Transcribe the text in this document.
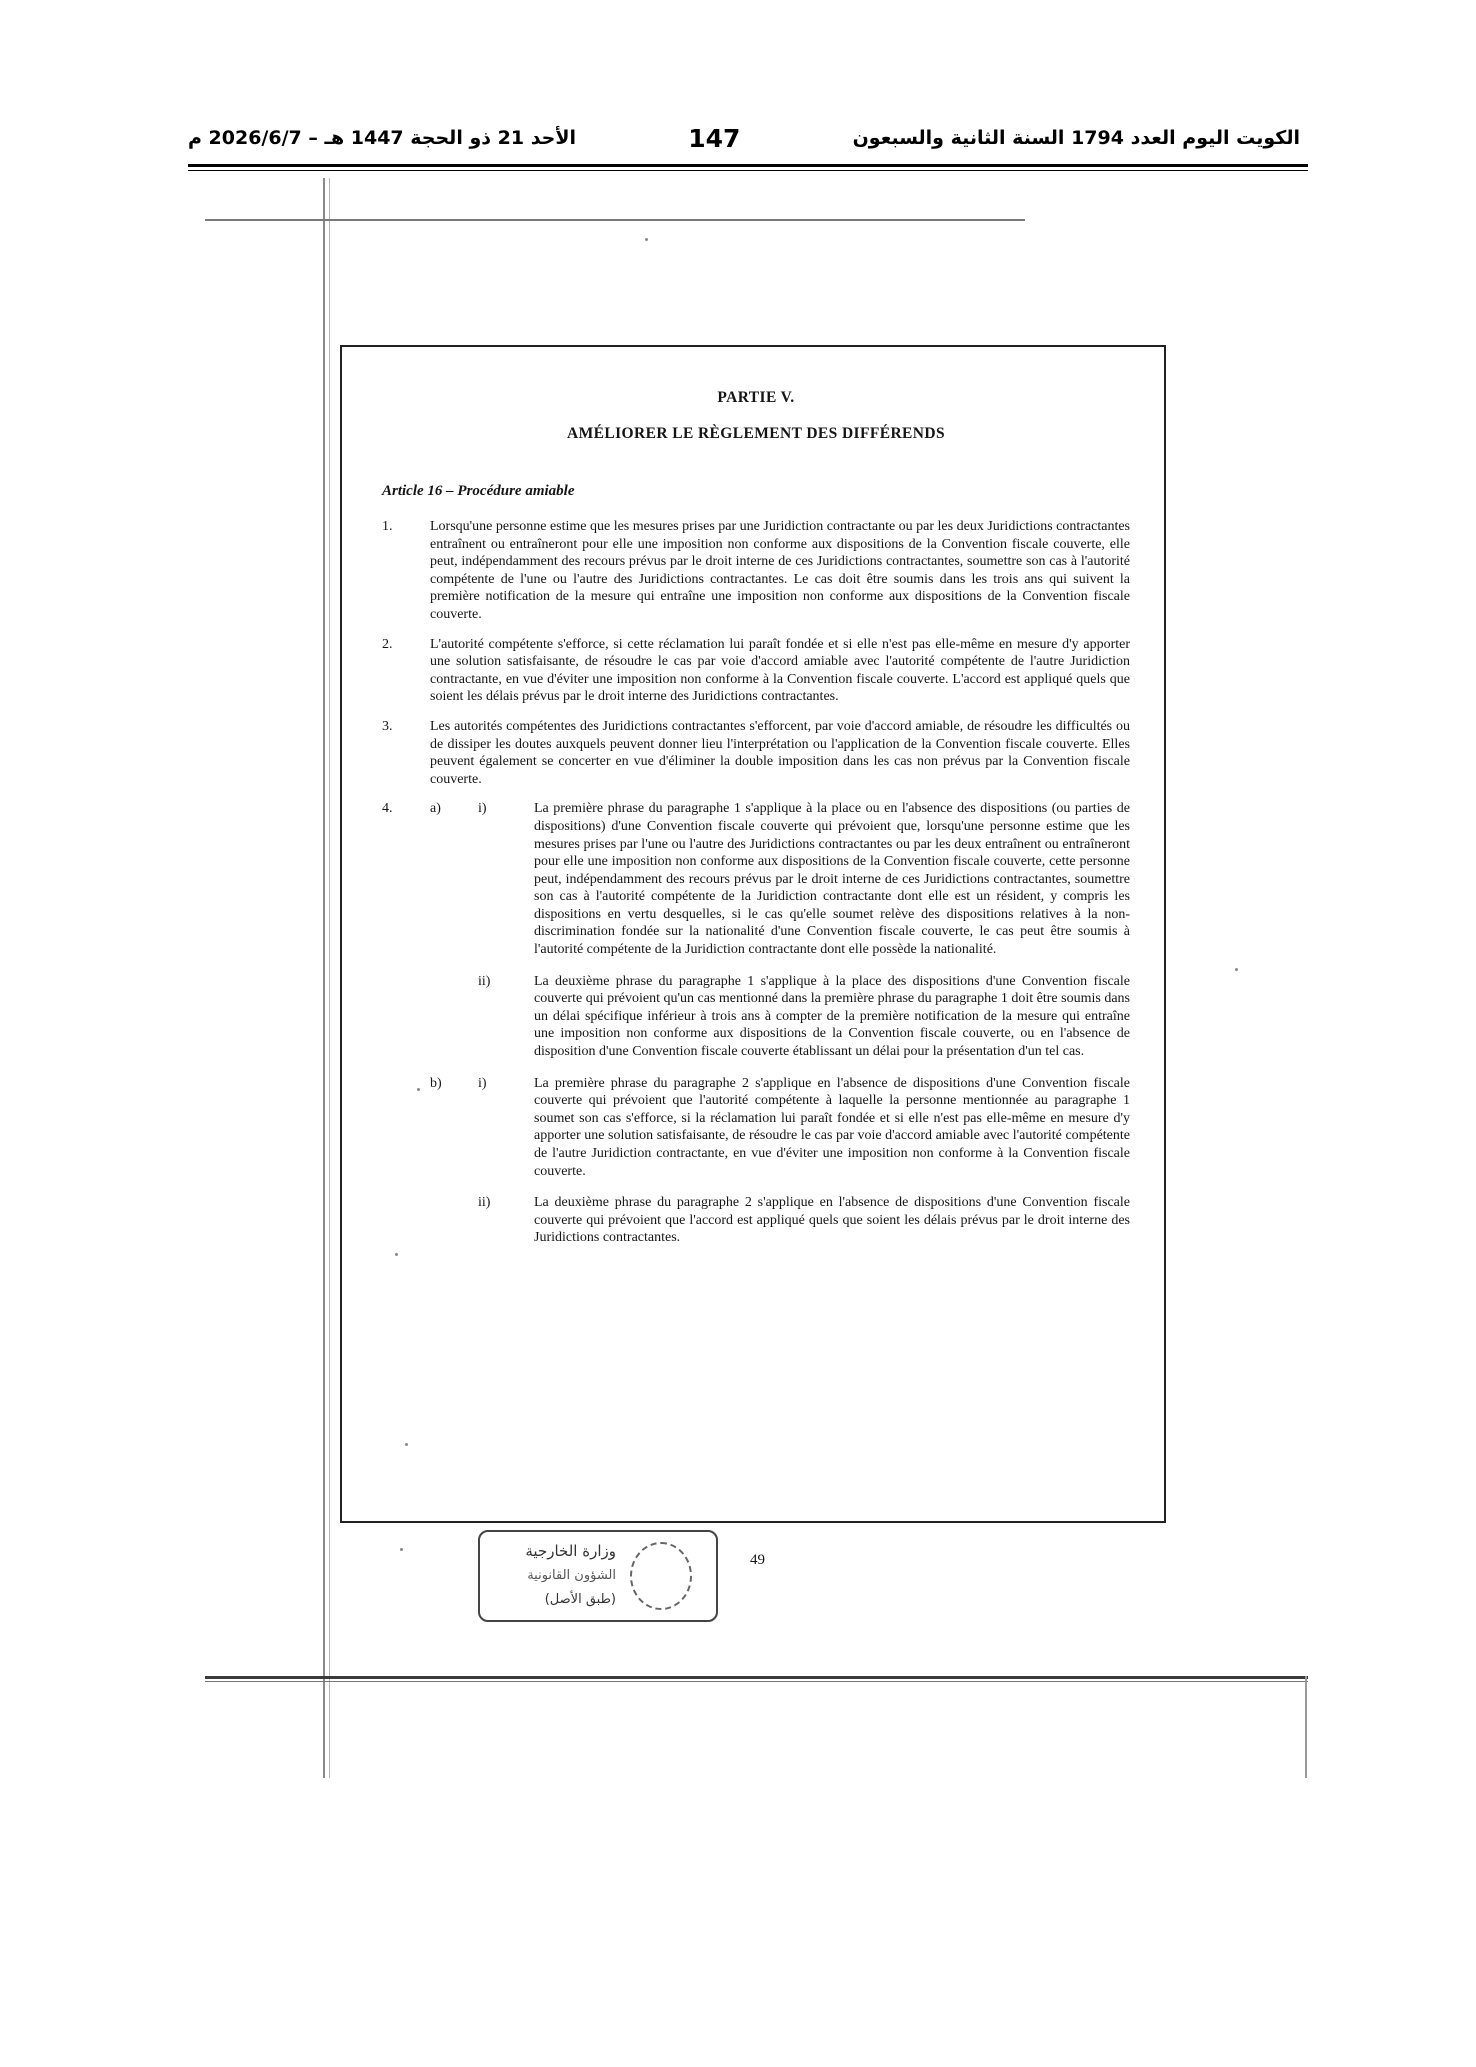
الأحد 21 ذو الحجة 1447 هـ – 2026/6/7 م	147	الكويت اليوم العدد 1794 السنة الثانية والسبعون
PARTIE V.
AMÉLIORER LE RÈGLEMENT DES DIFFÉRENDS
Article 16 – Procédure amiable
1.	Lorsqu'une personne estime que les mesures prises par une Juridiction contractante ou par les deux Juridictions contractantes entraînent ou entraîneront pour elle une imposition non conforme aux dispositions de la Convention fiscale couverte, elle peut, indépendamment des recours prévus par le droit interne de ces Juridictions contractantes, soumettre son cas à l'autorité compétente de l'une ou l'autre des Juridictions contractantes. Le cas doit être soumis dans les trois ans qui suivent la première notification de la mesure qui entraîne une imposition non conforme aux dispositions de la Convention fiscale couverte.
2.	L'autorité compétente s'efforce, si cette réclamation lui paraît fondée et si elle n'est pas elle-même en mesure d'y apporter une solution satisfaisante, de résoudre le cas par voie d'accord amiable avec l'autorité compétente de l'autre Juridiction contractante, en vue d'éviter une imposition non conforme à la Convention fiscale couverte. L'accord est appliqué quels que soient les délais prévus par le droit interne des Juridictions contractantes.
3.	Les autorités compétentes des Juridictions contractantes s'efforcent, par voie d'accord amiable, de résoudre les difficultés ou de dissiper les doutes auxquels peuvent donner lieu l'interprétation ou l'application de la Convention fiscale couverte. Elles peuvent également se concerter en vue d'éliminer la double imposition dans les cas non prévus par la Convention fiscale couverte.
4.	a)	i)	La première phrase du paragraphe 1 s'applique à la place ou en l'absence des dispositions (ou parties de dispositions) d'une Convention fiscale couverte qui prévoient que, lorsqu'une personne estime que les mesures prises par l'une ou l'autre des Juridictions contractantes ou par les deux entraînent ou entraîneront pour elle une imposition non conforme aux dispositions de la Convention fiscale couverte, cette personne peut, indépendamment des recours prévus par le droit interne de ces Juridictions contractantes, soumettre son cas à l'autorité compétente de la Juridiction contractante dont elle est un résident, y compris les dispositions en vertu desquelles, si le cas qu'elle soumet relève des dispositions relatives à la non-discrimination fondée sur la nationalité d'une Convention fiscale couverte, le cas peut être soumis à l'autorité compétente de la Juridiction contractante dont elle possède la nationalité.
ii)	La deuxième phrase du paragraphe 1 s'applique à la place des dispositions d'une Convention fiscale couverte qui prévoient qu'un cas mentionné dans la première phrase du paragraphe 1 doit être soumis dans un délai spécifique inférieur à trois ans à compter de la première notification de la mesure qui entraîne une imposition non conforme aux dispositions de la Convention fiscale couverte, ou en l'absence de disposition d'une Convention fiscale couverte établissant un délai pour la présentation d'un tel cas.
b)	i)	La première phrase du paragraphe 2 s'applique en l'absence de dispositions d'une Convention fiscale couverte qui prévoient que l'autorité compétente à laquelle la personne mentionnée au paragraphe 1 soumet son cas s'efforce, si la réclamation lui paraît fondée et si elle n'est pas elle-même en mesure d'y apporter une solution satisfaisante, de résoudre le cas par voie d'accord amiable avec l'autorité compétente de l'autre Juridiction contractante, en vue d'éviter une imposition non conforme à la Convention fiscale couverte.
ii)	La deuxième phrase du paragraphe 2 s'applique en l'absence de dispositions d'une Convention fiscale couverte qui prévoient que l'accord est appliqué quels que soient les délais prévus par le droit interne des Juridictions contractantes.
وزارة الخارجية
الشؤون القانونية
(طبق الأصل)
49
